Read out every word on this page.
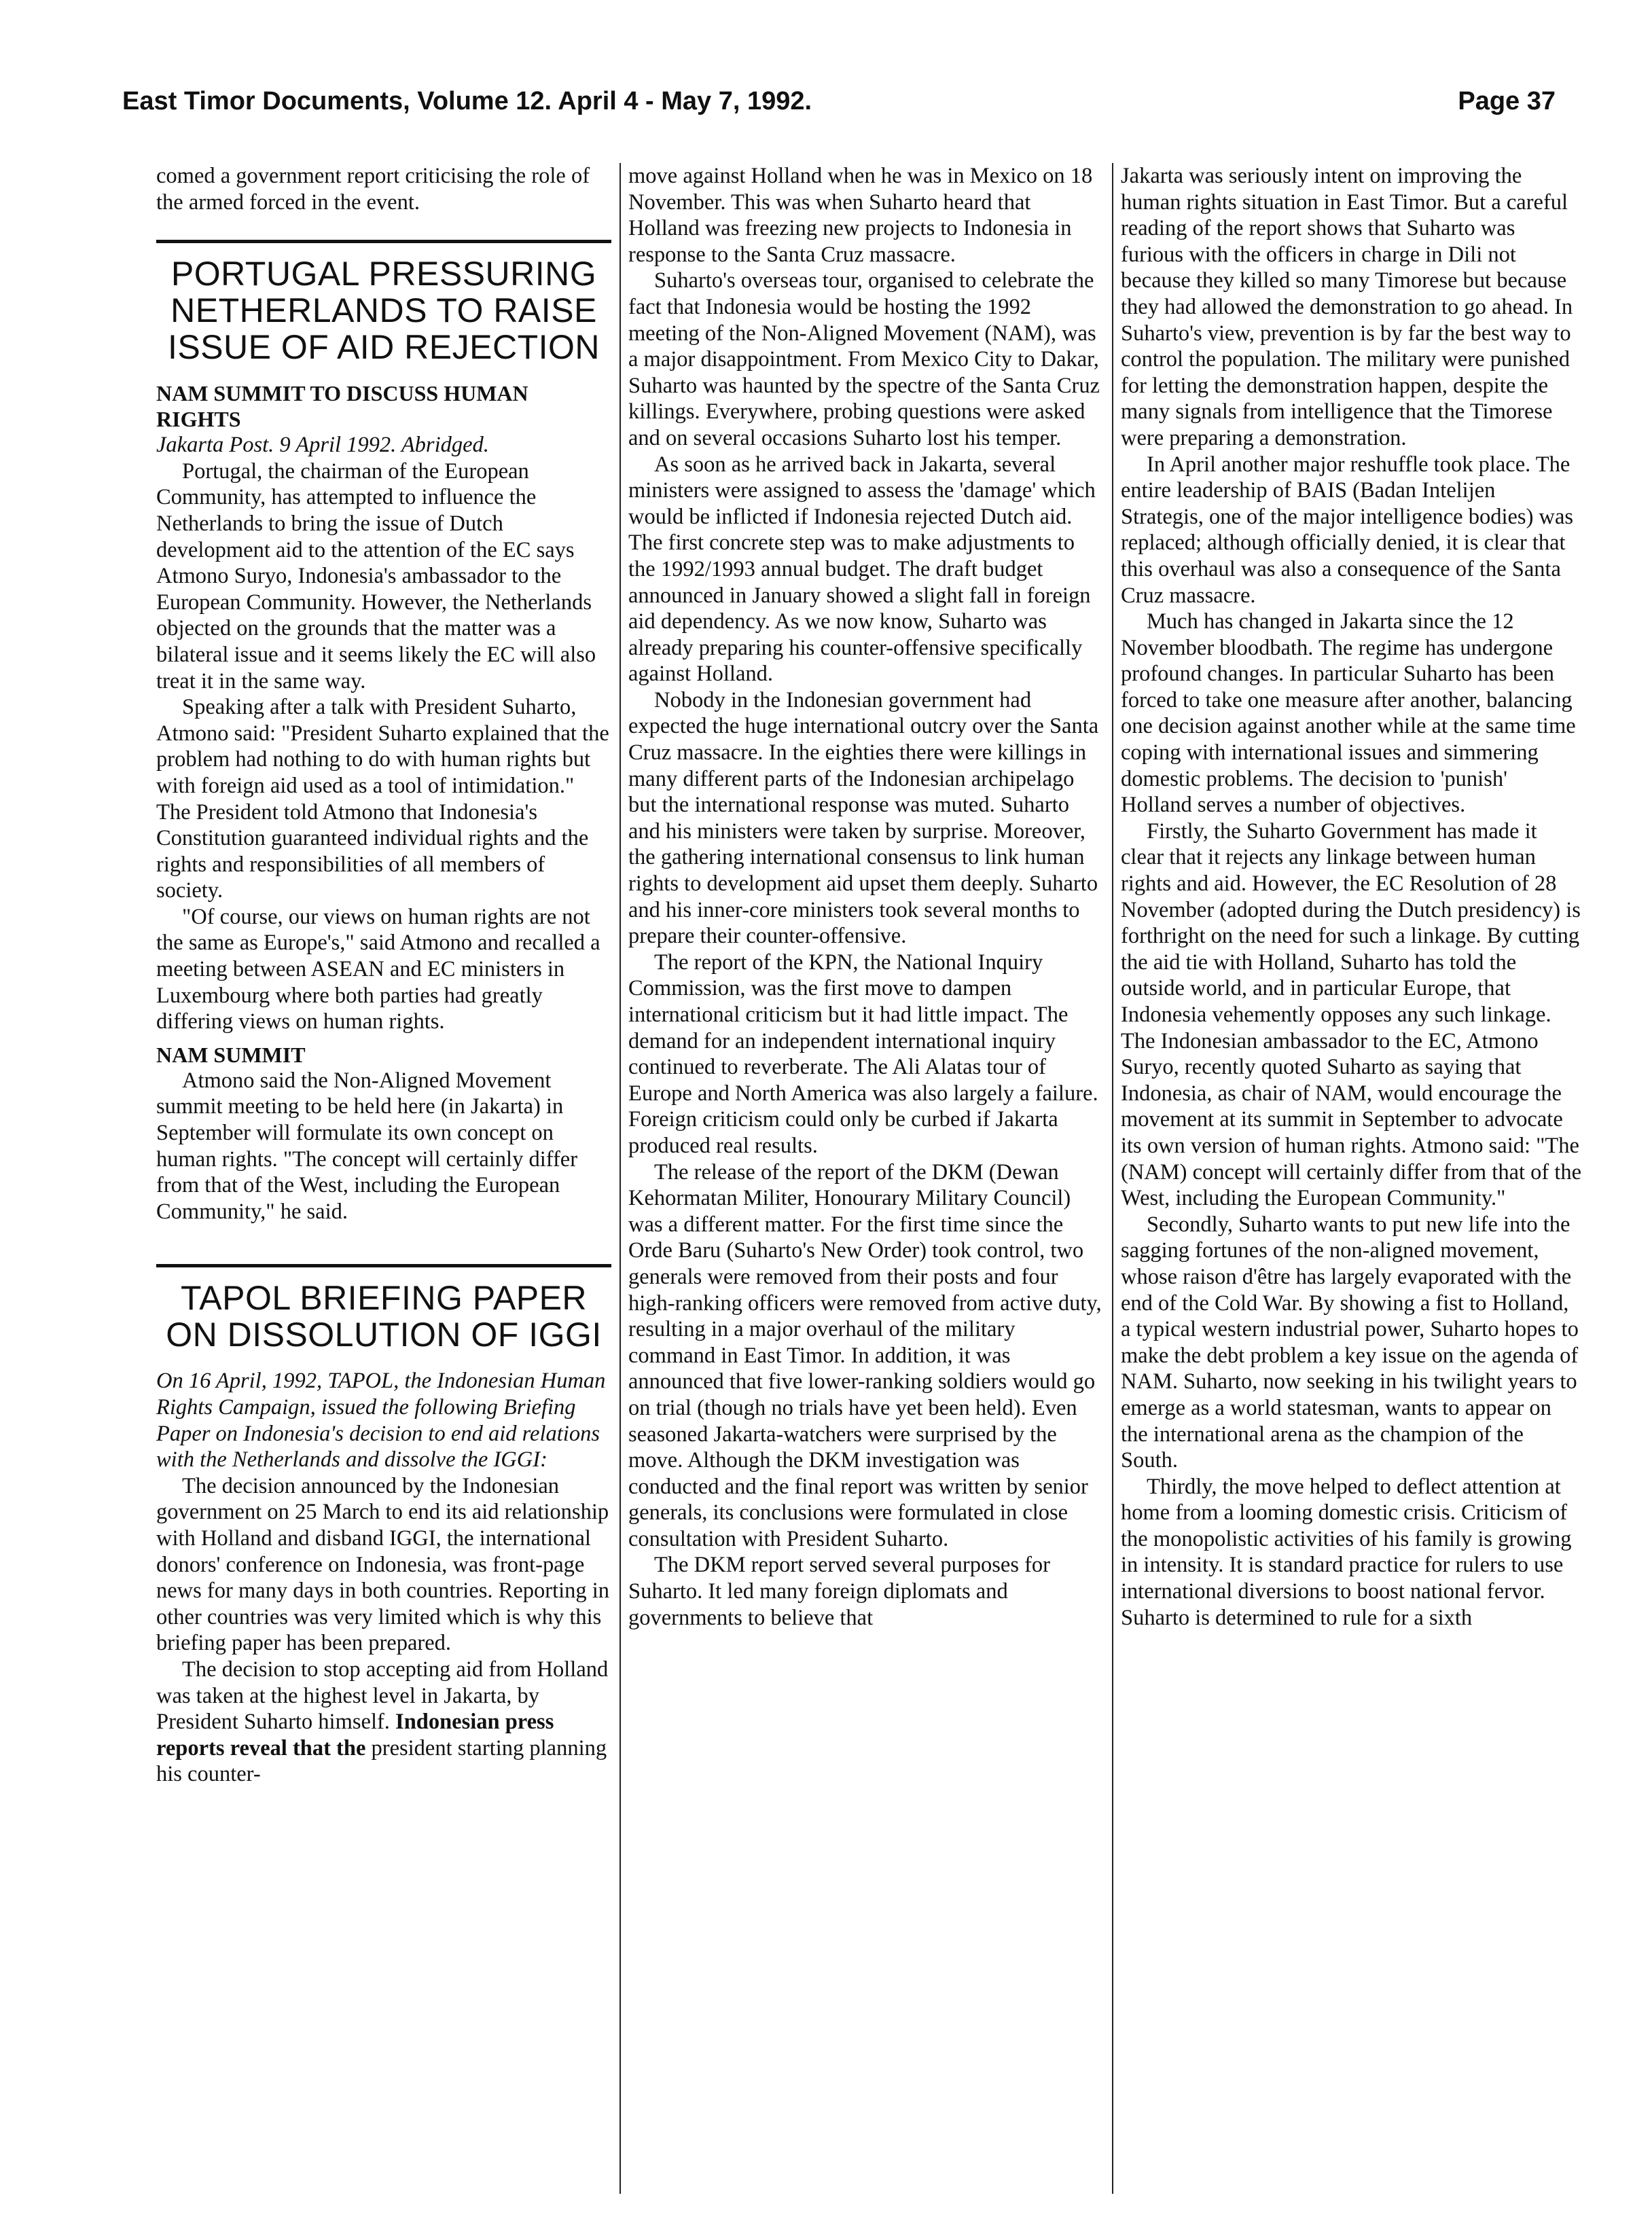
East Timor Documents, Volume 12. April 4 - May 7, 1992.	Page 37

comed a government report criticising the role of the armed forced in the event.

PORTUGAL PRESSURING NETHERLANDS TO RAISE ISSUE OF AID REJECTION
NAM SUMMIT TO DISCUSS HUMAN RIGHTS

Jakarta Post. 9 April 1992. Abridged.

Portugal, the chairman of the European Community, has attempted to influence the Netherlands to bring the issue of Dutch development aid to the attention of the EC says Atmono Suryo, Indonesia's ambassador to the European Community. However, the Netherlands objected on the grounds that the matter was a bilateral issue and it seems likely the EC will also treat it in the same way.

Speaking after a talk with President Suharto, Atmono said: "President Suharto explained that the problem had nothing to do with human rights but with foreign aid used as a tool of intimidation." The President told Atmono that Indonesia's Constitution guaranteed individual rights and the rights and responsibilities of all members of society.

"Of course, our views on human rights are not the same as Europe's," said Atmono and recalled a meeting between ASEAN and EC ministers in Luxembourg where both parties had greatly differing views on human rights.

NAM SUMMIT

Atmono said the Non-Aligned Movement summit meeting to be held here (in Jakarta) in September will formulate its own concept on human rights. "The concept will certainly differ from that of the West, including the European Community," he said.

TAPOL BRIEFING PAPER ON DISSOLUTION OF IGGI

On 16 April, 1992, TAPOL, the Indonesian Human Rights Campaign, issued the following Briefing Paper on Indonesia's decision to end aid relations with the Netherlands and dissolve the IGGI:

The decision announced by the Indonesian government on 25 March to end its aid relationship with Holland and disband IGGI, the international donors' conference on Indonesia, was front-page news for many days in both countries. Reporting in other countries was very limited which is why this briefing paper has been prepared.

The decision to stop accepting aid from Holland was taken at the highest level in Jakarta, by President Suharto himself. Indonesian press reports reveal that the president starting planning his counter-

move against Holland when he was in Mexico on 18 November. This was when Suharto heard that Holland was freezing new projects to Indonesia in response to the Santa Cruz massacre.

Suharto's overseas tour, organised to celebrate the fact that Indonesia would be hosting the 1992 meeting of the Non-Aligned Movement (NAM), was a major disappointment. From Mexico City to Dakar, Suharto was haunted by the spectre of the Santa Cruz killings. Everywhere, probing questions were asked and on several occasions Suharto lost his temper.

As soon as he arrived back in Jakarta, several ministers were assigned to assess the 'damage' which would be inflicted if Indonesia rejected Dutch aid. The first concrete step was to make adjustments to the 1992/1993 annual budget. The draft budget announced in January showed a slight fall in foreign aid dependency. As we now know, Suharto was already preparing his counter-offensive specifically against Holland.

Nobody in the Indonesian government had expected the huge international outcry over the Santa Cruz massacre. In the eighties there were killings in many different parts of the Indonesian archipelago but the international response was muted. Suharto and his ministers were taken by surprise. Moreover, the gathering international consensus to link human rights to development aid upset them deeply. Suharto and his inner-core ministers took several months to prepare their counter-offensive.

The report of the KPN, the National Inquiry Commission, was the first move to dampen international criticism but it had little impact. The demand for an independent international inquiry continued to reverberate. The Ali Alatas tour of Europe and North America was also largely a failure. Foreign criticism could only be curbed if Jakarta produced real results.

The release of the report of the DKM (Dewan Kehormatan Militer, Honourary Military Council) was a different matter. For the first time since the Orde Baru (Suharto's New Order) took control, two generals were removed from their posts and four high-ranking officers were removed from active duty, resulting in a major overhaul of the military command in East Timor. In addition, it was announced that five lower-ranking soldiers would go on trial (though no trials have yet been held). Even seasoned Jakarta-watchers were surprised by the move. Although the DKM investigation was conducted and the final report was written by senior generals, its conclusions were formulated in close consultation with President Suharto.

The DKM report served several purposes for Suharto. It led many foreign diplomats and governments to believe that

Jakarta was seriously intent on improving the human rights situation in East Timor. But a careful reading of the report shows that Suharto was furious with the officers in charge in Dili not because they killed so many Timorese but because they had allowed the demonstration to go ahead. In Suharto's view, prevention is by far the best way to control the population. The military were punished for letting the demonstration happen, despite the many signals from intelligence that the Timorese were preparing a demonstration.

In April another major reshuffle took place. The entire leadership of BAIS (Badan Intelijen Strategis, one of the major intelligence bodies) was replaced; although officially denied, it is clear that this overhaul was also a consequence of the Santa Cruz massacre.

Much has changed in Jakarta since the 12 November bloodbath. The regime has undergone profound changes. In particular Suharto has been forced to take one measure after another, balancing one decision against another while at the same time coping with international issues and simmering domestic problems. The decision to 'punish' Holland serves a number of objectives.

Firstly, the Suharto Government has made it clear that it rejects any linkage between human rights and aid. However, the EC Resolution of 28 November (adopted during the Dutch presidency) is forthright on the need for such a linkage. By cutting the aid tie with Holland, Suharto has told the outside world, and in particular Europe, that Indonesia vehemently opposes any such linkage. The Indonesian ambassador to the EC, Atmono Suryo, recently quoted Suharto as saying that Indonesia, as chair of NAM, would encourage the movement at its summit in September to advocate its own version of human rights. Atmono said: "The (NAM) concept will certainly differ from that of the West, including the European Community."

Secondly, Suharto wants to put new life into the sagging fortunes of the non-aligned movement, whose raison d'être has largely evaporated with the end of the Cold War. By showing a fist to Holland, a typical western industrial power, Suharto hopes to make the debt problem a key issue on the agenda of NAM. Suharto, now seeking in his twilight years to emerge as a world statesman, wants to appear on the international arena as the champion of the South.

Thirdly, the move helped to deflect attention at home from a looming domestic crisis. Criticism of the monopolistic activities of his family is growing in intensity. It is standard practice for rulers to use international diversions to boost national fervor. Suharto is determined to rule for a sixth
